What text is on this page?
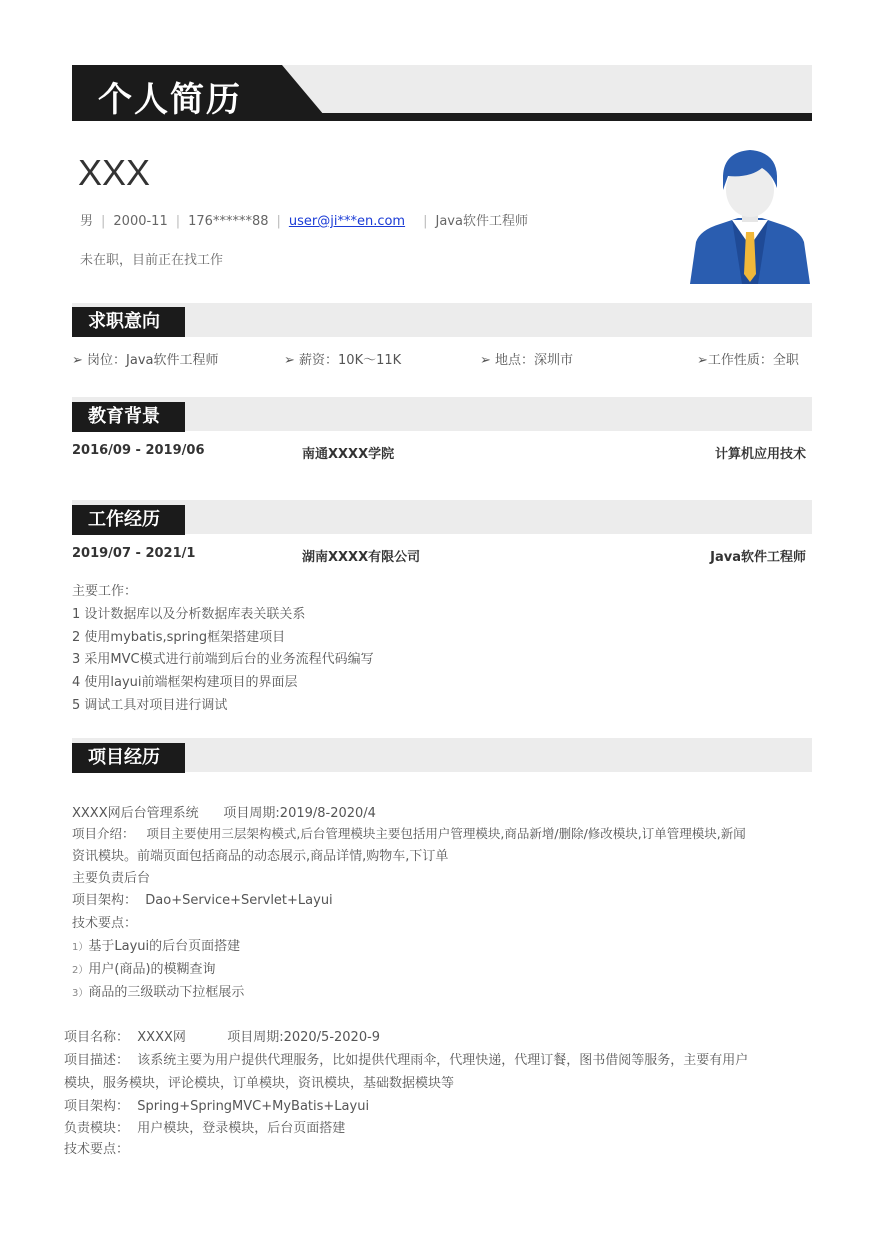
个人简历
XXX
男 | 2000-11 | 176******88 | user@ji***en.com | Java软件工程师
未在职，目前正在找工作
求职意向
➢ 岗位：Java软件工程师	➢ 薪资：10K～11K	➢ 地点：深圳市	➢工作性质：全职
教育背景
2016/09 - 2019/06	南通XXXX学院	计算机应用技术
工作经历
2019/07 - 2021/1	湖南XXXX有限公司	Java软件工程师
主要工作：
1 设计数据库以及分析数据库表关联关系
2 使用mybatis,spring框架搭建项目
3 采用MVC模式进行前端到后台的业务流程代码编写
4 使用layui前端框架构建项目的界面层
5 调试工具对项目进行调试
项目经历
XXXX网后台管理系统      项目周期:2019/8-2020/4
项目介绍：   项目主要使用三层架构模式,后台管理模块主要包括用户管理模块,商品新增/删除/修改模块,订单管理模块,新闻
资讯模块。前端页面包括商品的动态展示,商品详情,购物车,下订单
主要负责后台
项目架构：  Dao+Service+Servlet+Layui
技术要点：
1）基于Layui的后台页面搭建
2）用户(商品)的模糊查询
3）商品的三级联动下拉框展示
项目名称：  XXXX网          项目周期:2020/5-2020-9
项目描述：  该系统主要为用户提供代理服务，比如提供代理雨伞，代理快递，代理订餐，图书借阅等服务，主要有用户
模块，服务模块，评论模块，订单模块，资讯模块，基础数据模块等
项目架构：  Spring+SpringMVC+MyBatis+Layui
负责模块：  用户模块，登录模块，后台页面搭建
技术要点：
